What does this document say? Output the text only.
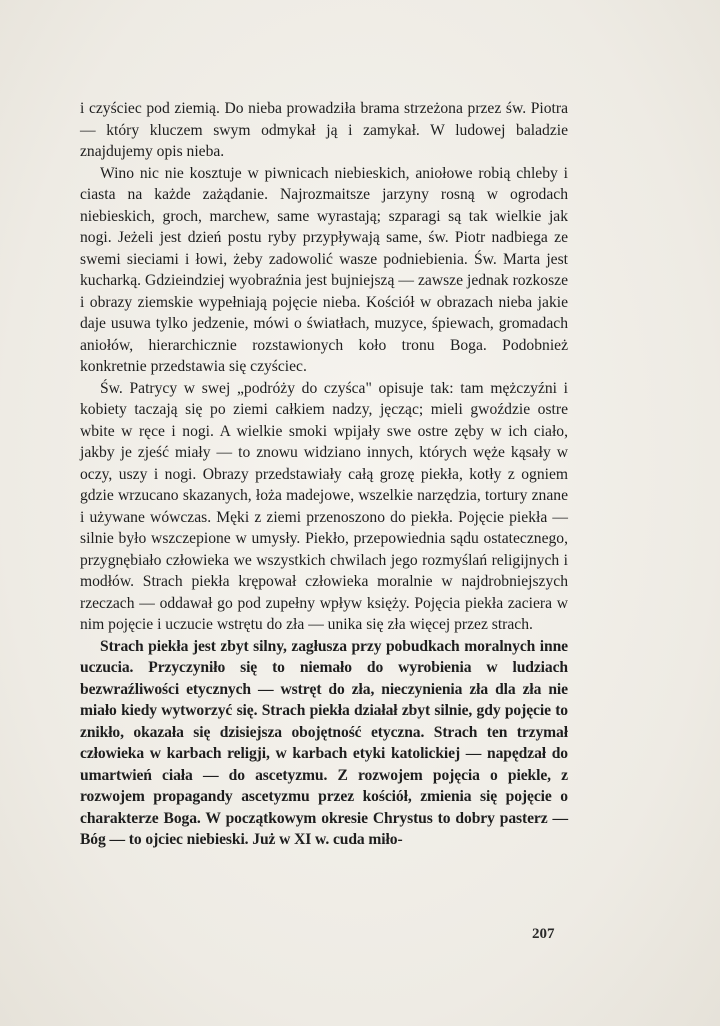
i czyściec pod ziemią. Do nieba prowadziła brama strzeżona przez św. Piotra — który kluczem swym odmykał ją i zamykał. W ludowej baladzie znajdujemy opis nieba.

Wino nic nie kosztuje w piwnicach niebieskich, aniołowe robią chleby i ciasta na każde zażądanie. Najrozmaitsze jarzyny rosną w ogrodach niebieskich, groch, marchew, same wyrastają; szparagi są tak wielkie jak nogi. Jeżeli jest dzień postu ryby przypływają same, św. Piotr nadbiega ze swemi sieciami i łowi, żeby zadowolić wasze podniebienia. Św. Marta jest kucharką. Gdzieindziej wyobraźnia jest bujniejszą — zawsze jednak rozkosze i obrazy ziemskie wypełniają pojęcie nieba. Kościół w obrazach nieba jakie daje usuwa tylko jedzenie, mówi o światłach, muzyce, śpiewach, gromadach aniołów, hierarchicznie rozstawionych koło tronu Boga. Podobnież konkretnie przedstawia się czyściec.

Św. Patrycy w swej „podróży do czyśca" opisuje tak: tam mężczyźni i kobiety taczają się po ziemi całkiem nadzy, jęcząc; mieli gwoździe ostre wbite w ręce i nogi. A wielkie smoki wpijały swe ostre zęby w ich ciało, jakby je zjeść miały — to znowu widziano innych, których węże kąsały w oczy, uszy i nogi. Obrazy przedstawiały całą grozę piekła, kotły z ogniem gdzie wrzucano skazanych, łoża madejowe, wszelkie narzędzia, tortury znane i używane wówczas. Męki z ziemi przenoszono do piekła. Pojęcie piekła — silnie było wszczepione w umysły. Piekło, przepowiednia sądu ostatecznego, przygnębiało człowieka we wszystkich chwilach jego rozmyślań religijnych i modłów. Strach piekła krępował człowieka moralnie w najdrobniejszych rzeczach — oddawał go pod zupełny wpływ księży. Pojęcia piekła zaciera w nim pojęcie i uczucie wstrętu do zła — unika się zła więcej przez strach.

Strach piekła jest zbyt silny, zagłusza przy pobudkach moralnych inne uczucia. Przyczyniło się to niemało do wyrobienia w ludziach bezwraźliwości etycznych — wstręt do zła, nieczynienia zła dla zła nie miało kiedy wytworzyć się. Strach piekła działał zbyt silnie, gdy pojęcie to znikło, okazała się dzisiejsza obojętność etyczna. Strach ten trzymał człowieka w karbach religji, w karbach etyki katolickiej — napędzał do umartwień ciała — do ascetyzmu. Z rozwojem pojęcia o piekle, z rozwojem propagandy ascetyzmu przez kościół, zmienia się pojęcie o charakterze Boga. W początkowym okresie Chrystus to dobry pasterz — Bóg — to ojciec niebieski. Już w XI w. cuda miło-

207
